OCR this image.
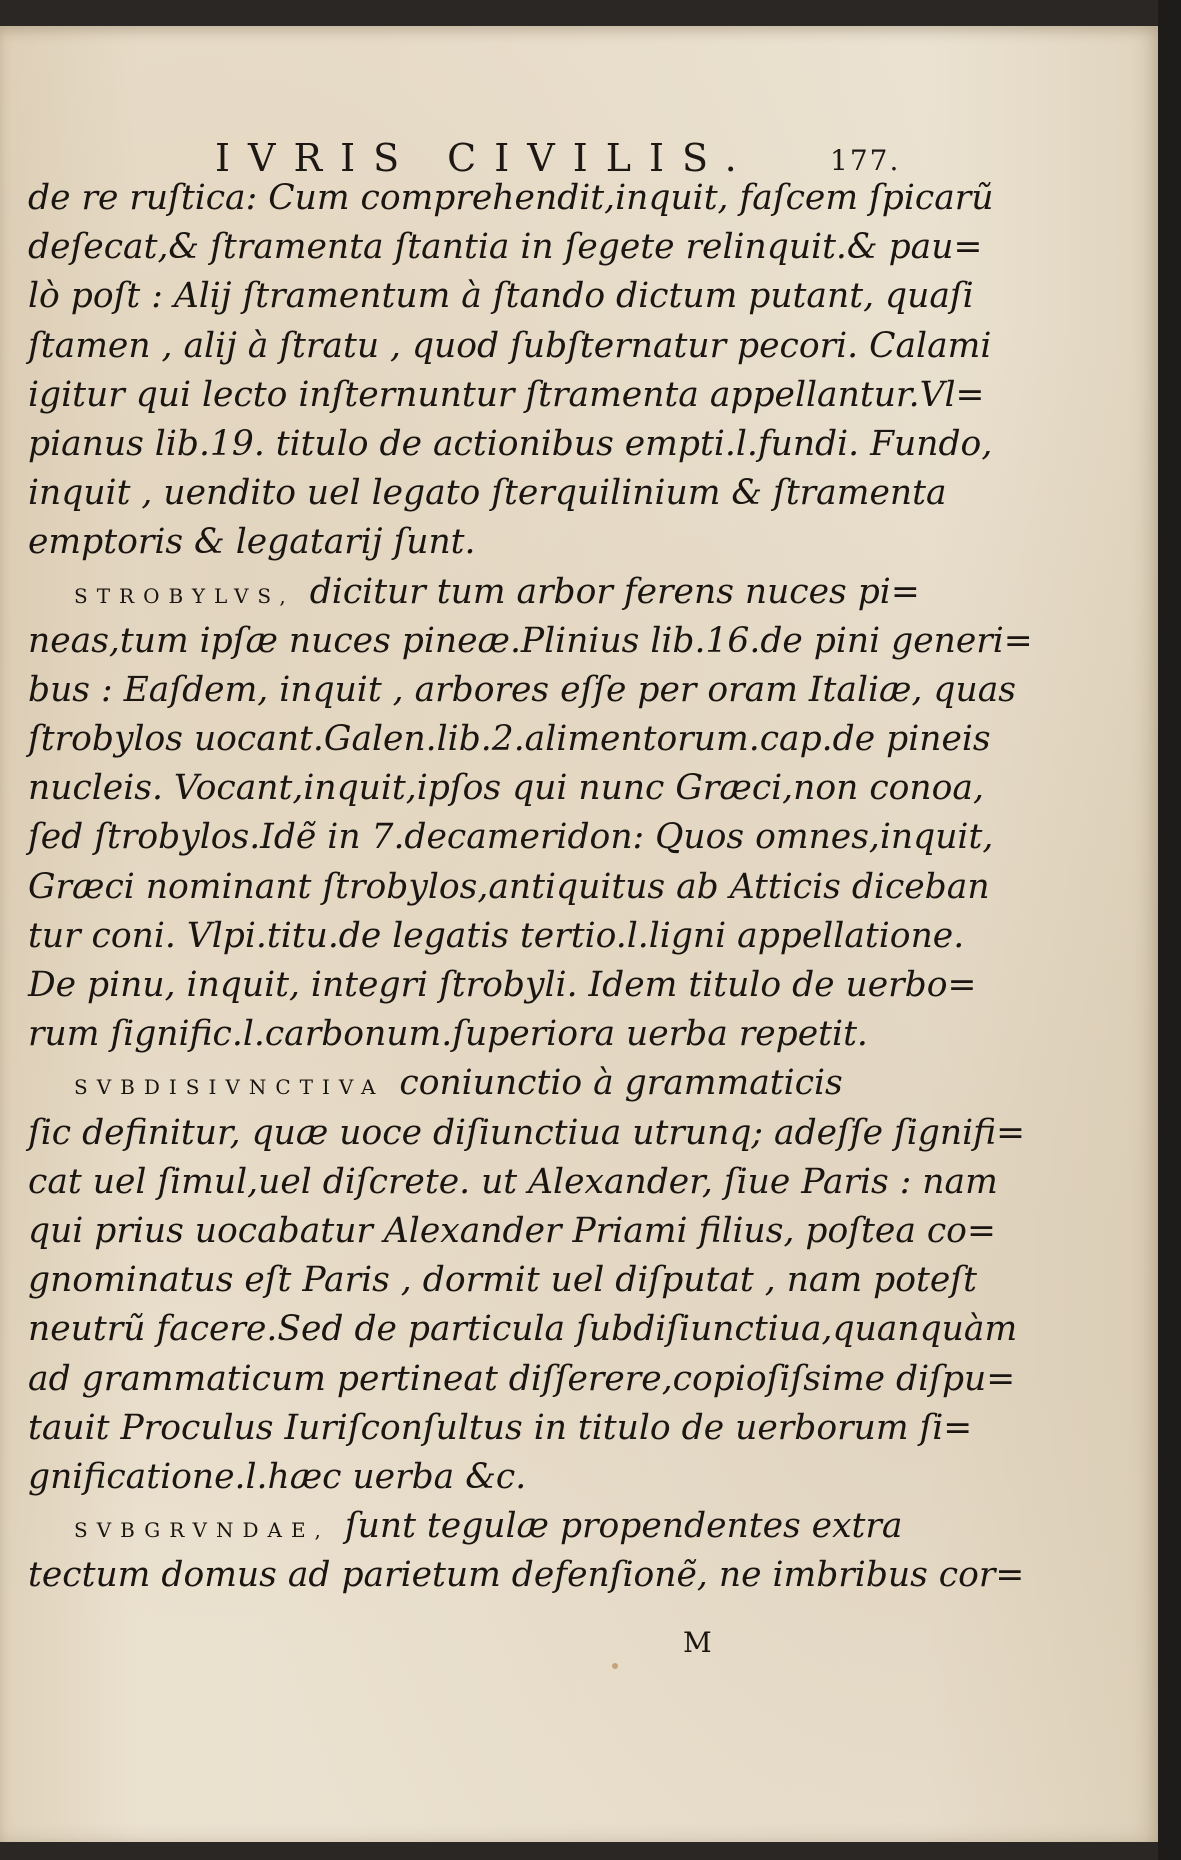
IVRIS CIVILIS.	177.
de re ruſtica: Cum comprehendit,inquit, faſcem ſpicarũ
deſecat,& ſtramenta ſtantia in ſegete relinquit.& pau=
lò poſt : Alij ſtramentum à ſtando dictum putant, quaſi
ſtamen , alij à ſtratu , quod ſubſternatur pecori. Calami
igitur qui lecto inſternuntur ſtramenta appellantur.Vl=
pianus lib.19. titulo de actionibus empti.l.fundi. Fundo,
inquit , uendito uel legato ſterquilinium & ſtramenta
emptoris & legatarij ſunt.
STROBYLVS, dicitur tum arbor ferens nuces pi=
neas,tum ipſæ nuces pineæ.Plinius lib.16.de pini generi=
bus : Eaſdem, inquit , arbores eſſe per oram Italiæ, quas
ſtrobylos uocant.Galen.lib.2.alimentorum.cap.de pineis
nucleis. Vocant,inquit,ipſos qui nunc Græci,non conoa,
ſed ſtrobylos.Idẽ in 7.decameridon: Quos omnes,inquit,
Græci nominant ſtrobylos,antiquitus ab Atticis diceban
tur coni. Vlpi.titu.de legatis tertio.l.ligni appellatione.
De pinu, inquit, integri ſtrobyli. Idem titulo de uerbo=
rum ſignific.l.carbonum.ſuperiora uerba repetit.
SVBDISIVNCTIVA coniunctio à grammaticis
ſic definitur, quæ uoce diſiunctiua utrunq; adeſſe ſignifi=
cat uel ſimul,uel diſcrete. ut Alexander, ſiue Paris : nam
qui prius uocabatur Alexander Priami filius, poſtea co=
gnominatus eſt Paris , dormit uel diſputat , nam poteſt
neutrũ facere.Sed de particula ſubdiſiunctiua,quanquàm
ad grammaticum pertineat diſſerere,copioſiſsime diſpu=
tauit Proculus Iuriſconſultus in titulo de uerborum ſi=
gnificatione.l.hæc uerba &c.
SVBGRVNDAE, ſunt tegulæ propendentes extra
tectum domus ad parietum defenſionẽ, ne imbribus cor=
M
